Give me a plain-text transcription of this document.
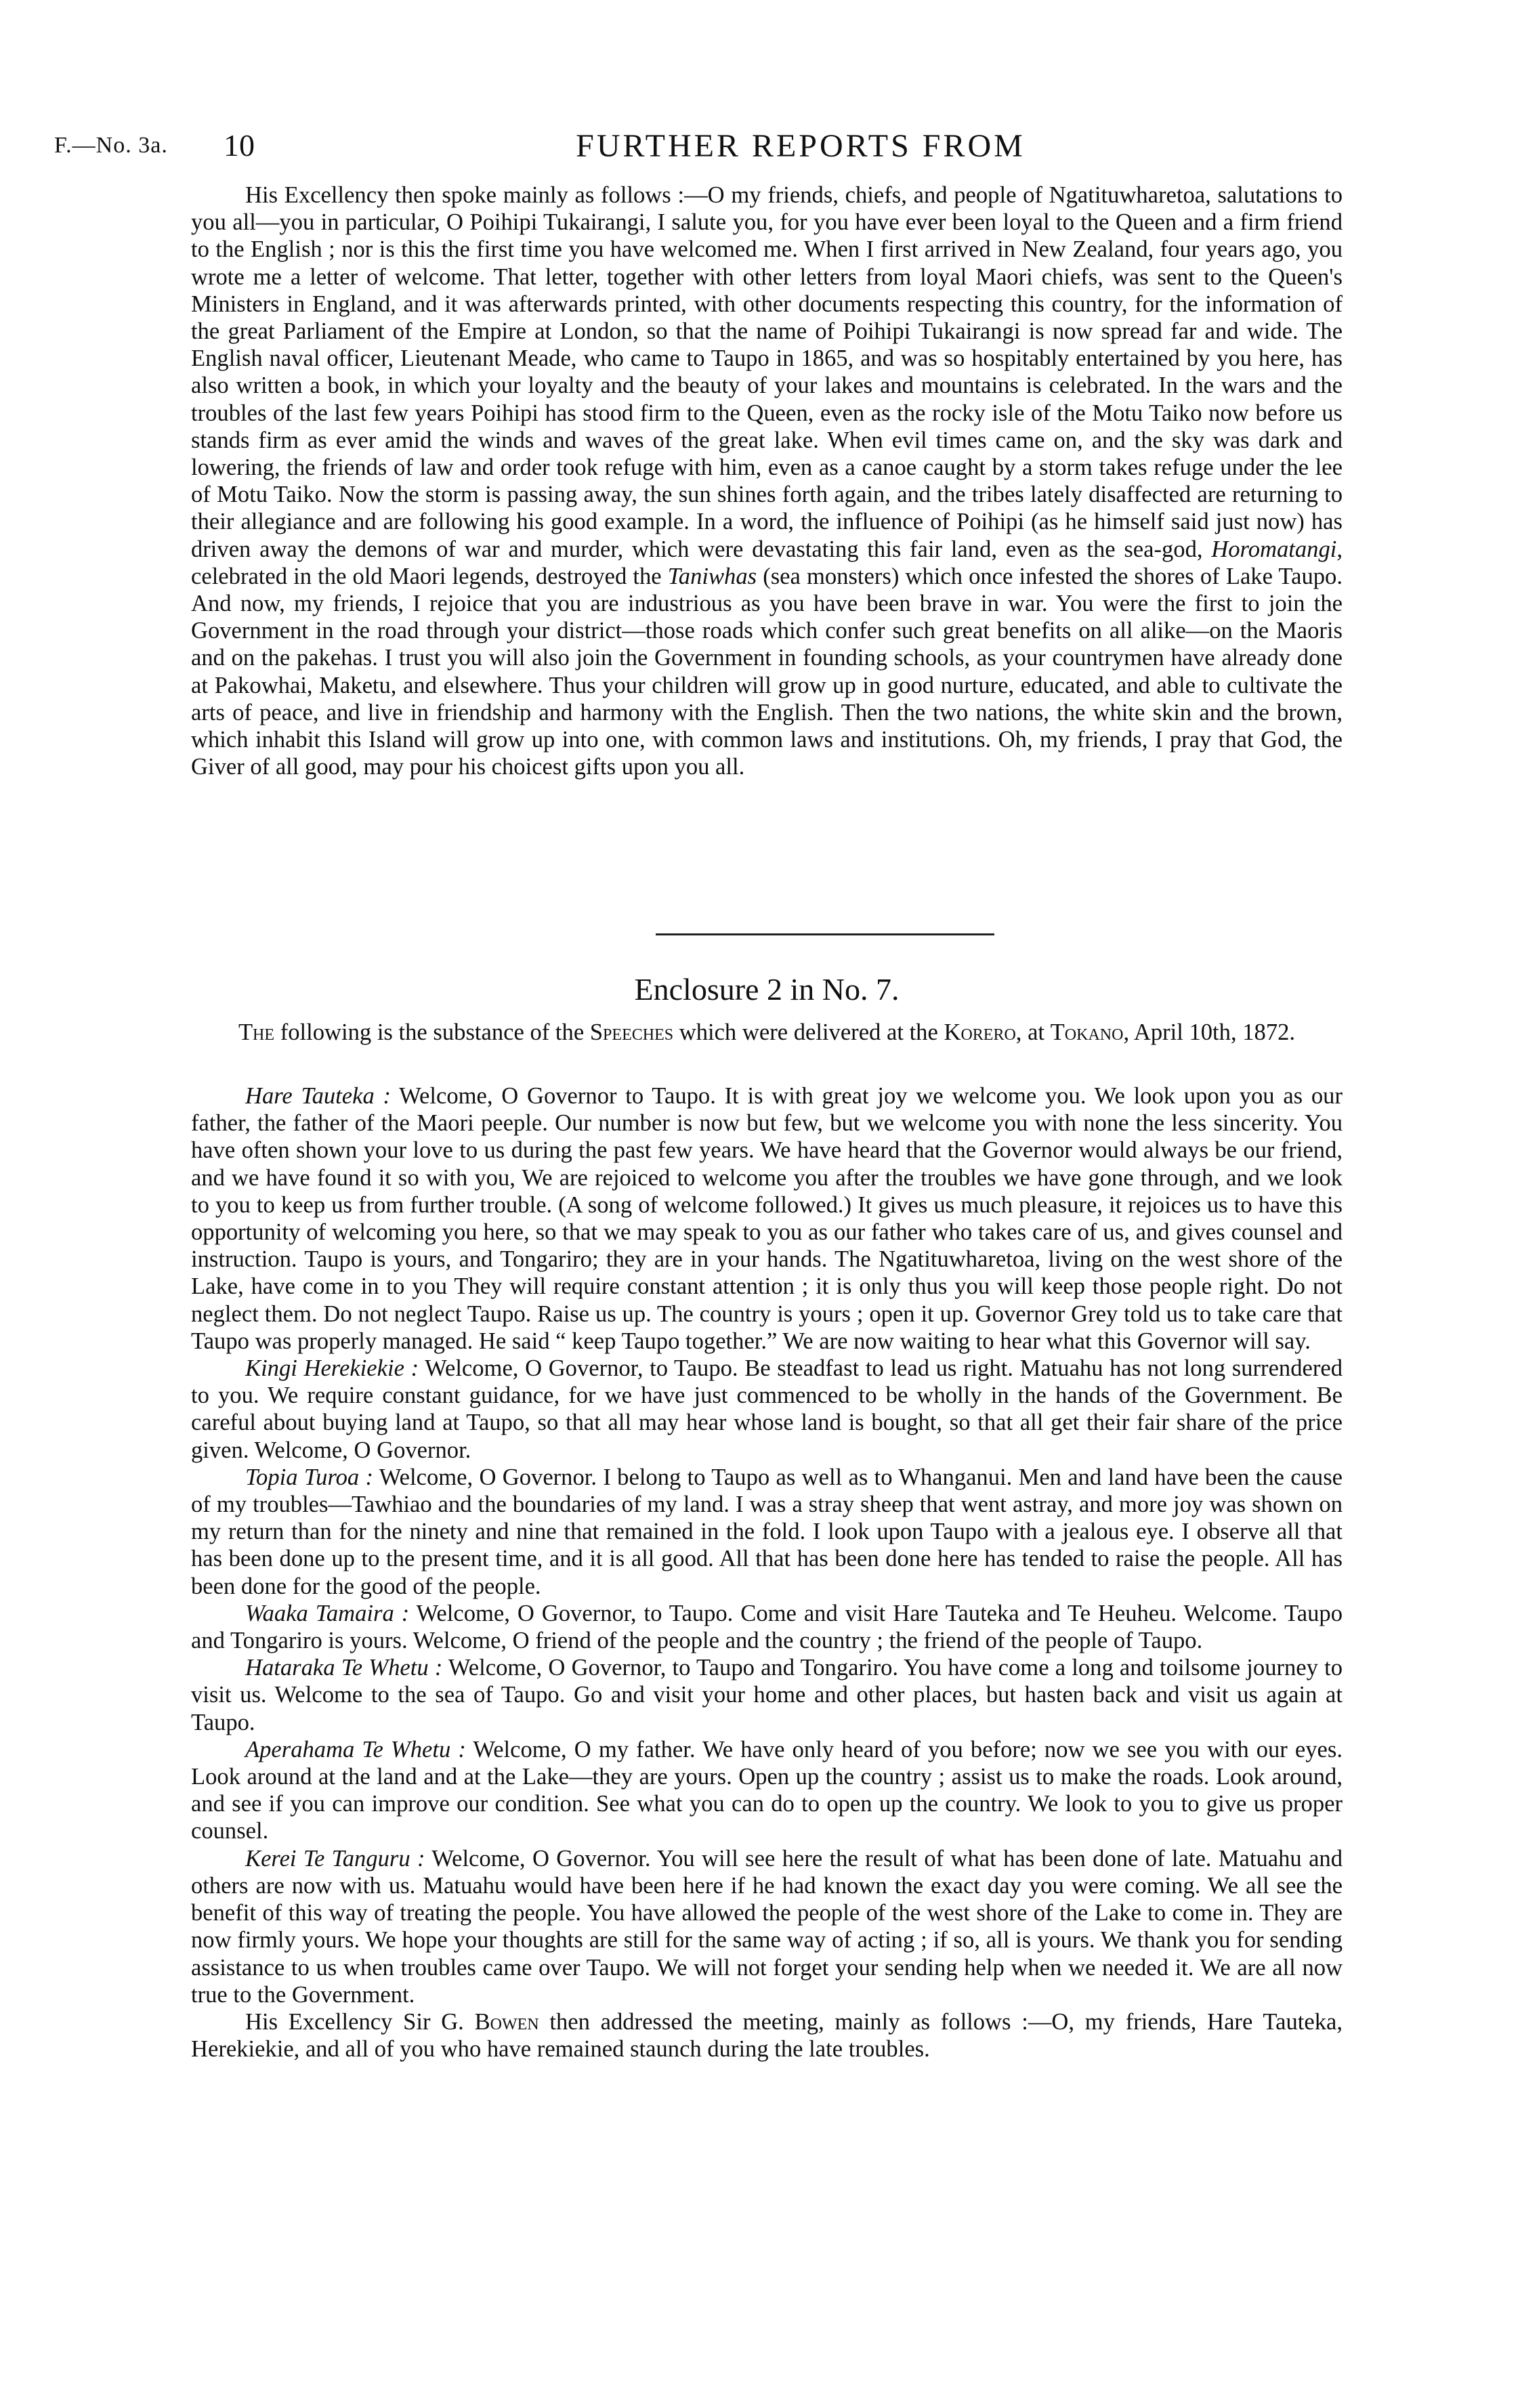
F.—No. 3a. 10	FURTHER REPORTS FROM

His Excellency then spoke mainly as follows :—O my friends, chiefs, and people of Ngatituwharetoa, salutations to you all—you in particular, O Poihipi Tukairangi, I salute you, for you have ever been loyal to the Queen and a firm friend to the English ; nor is this the first time you have welcomed me. When I first arrived in New Zealand, four years ago, you wrote me a letter of welcome. That letter, together with other letters from loyal Maori chiefs, was sent to the Queen's Ministers in England, and it was afterwards printed, with other documents respecting this country, for the information of the great Parliament of the Empire at London, so that the name of Poihipi Tukairangi is now spread far and wide. The English naval officer, Lieutenant Meade, who came to Taupo in 1865, and was so hospitably entertained by you here, has also written a book, in which your loyalty and the beauty of your lakes and mountains is celebrated. In the wars and the troubles of the last few years Poihipi has stood firm to the Queen, even as the rocky isle of the Motu Taiko now before us stands firm as ever amid the winds and waves of the great lake. When evil times came on, and the sky was dark and lowering, the friends of law and order took refuge with him, even as a canoe caught by a storm takes refuge under the lee of Motu Taiko. Now the storm is passing away, the sun shines forth again, and the tribes lately disaffected are returning to their allegiance and are following his good example. In a word, the influence of Poihipi (as he himself said just now) has driven away the demons of war and murder, which were devastating this fair land, even as the sea-god, Horomatangi, celebrated in the old Maori legends, destroyed the Taniwhas (sea monsters) which once infested the shores of Lake Taupo. And now, my friends, I rejoice that you are industrious as you have been brave in war. You were the first to join the Government in the road through your district—those roads which confer such great benefits on all alike—on the Maoris and on the pakehas. I trust you will also join the Government in founding schools, as your countrymen have already done at Pakowhai, Maketu, and elsewhere. Thus your children will grow up in good nurture, educated, and able to cultivate the arts of peace, and live in friendship and harmony with the English. Then the two nations, the white skin and the brown, which inhabit this Island will grow up into one, with common laws and institutions. Oh, my friends, I pray that God, the Giver of all good, may pour his choicest gifts upon you all.

Enclosure 2 in No. 7.
The following is the substance of the Speeches which were delivered at the Korero, at Tokano, April 10th, 1872.

Hare Tauteka : Welcome, O Governor to Taupo. It is with great joy we welcome you. We look upon you as our father, the father of the Maori peeple. Our number is now but few, but we welcome you with none the less sincerity. You have often shown your love to us during the past few years. We have heard that the Governor would always be our friend, and we have found it so with you, We are rejoiced to welcome you after the troubles we have gone through, and we look to you to keep us from further trouble. (A song of welcome followed.) It gives us much pleasure, it rejoices us to have this opportunity of welcoming you here, so that we may speak to you as our father who takes care of us, and gives counsel and instruction. Taupo is yours, and Tongariro; they are in your hands. The Ngatituwharetoa, living on the west shore of the Lake, have come in to you They will require constant attention ; it is only thus you will keep those people right. Do not neglect them. Do not neglect Taupo. Raise us up. The country is yours ; open it up. Governor Grey told us to take care that Taupo was properly managed. He said “ keep Taupo together.” We are now waiting to hear what this Governor will say.

Kingi Herekiekie : Welcome, O Governor, to Taupo. Be steadfast to lead us right. Matuahu has not long surrendered to you. We require constant guidance, for we have just commenced to be wholly in the hands of the Government. Be careful about buying land at Taupo, so that all may hear whose land is bought, so that all get their fair share of the price given. Welcome, O Governor.

Topia Turoa : Welcome, O Governor. I belong to Taupo as well as to Whanganui. Men and land have been the cause of my troubles—Tawhiao and the boundaries of my land. I was a stray sheep that went astray, and more joy was shown on my return than for the ninety and nine that remained in the fold. I look upon Taupo with a jealous eye. I observe all that has been done up to the present time, and it is all good. All that has been done here has tended to raise the people. All has been done for the good of the people.

Waaka Tamaira : Welcome, O Governor, to Taupo. Come and visit Hare Tauteka and Te Heuheu. Welcome. Taupo and Tongariro is yours. Welcome, O friend of the people and the country ; the friend of the people of Taupo.

Hataraka Te Whetu : Welcome, O Governor, to Taupo and Tongariro. You have come a long and toilsome journey to visit us. Welcome to the sea of Taupo. Go and visit your home and other places, but hasten back and visit us again at Taupo.

Aperahama Te Whetu : Welcome, O my father. We have only heard of you before; now we see you with our eyes. Look around at the land and at the Lake—they are yours. Open up the country ; assist us to make the roads. Look around, and see if you can improve our condition. See what you can do to open up the country. We look to you to give us proper counsel.

Kerei Te Tanguru : Welcome, O Governor. You will see here the result of what has been done of late. Matuahu and others are now with us. Matuahu would have been here if he had known the exact day you were coming. We all see the benefit of this way of treating the people. You have allowed the people of the west shore of the Lake to come in. They are now firmly yours. We hope your thoughts are still for the same way of acting ; if so, all is yours. We thank you for sending assistance to us when troubles came over Taupo. We will not forget your sending help when we needed it. We are all now true to the Government.

His Excellency Sir G. Bowen then addressed the meeting, mainly as follows :—O, my friends, Hare Tauteka, Herekiekie, and all of you who have remained staunch during the late troubles.
